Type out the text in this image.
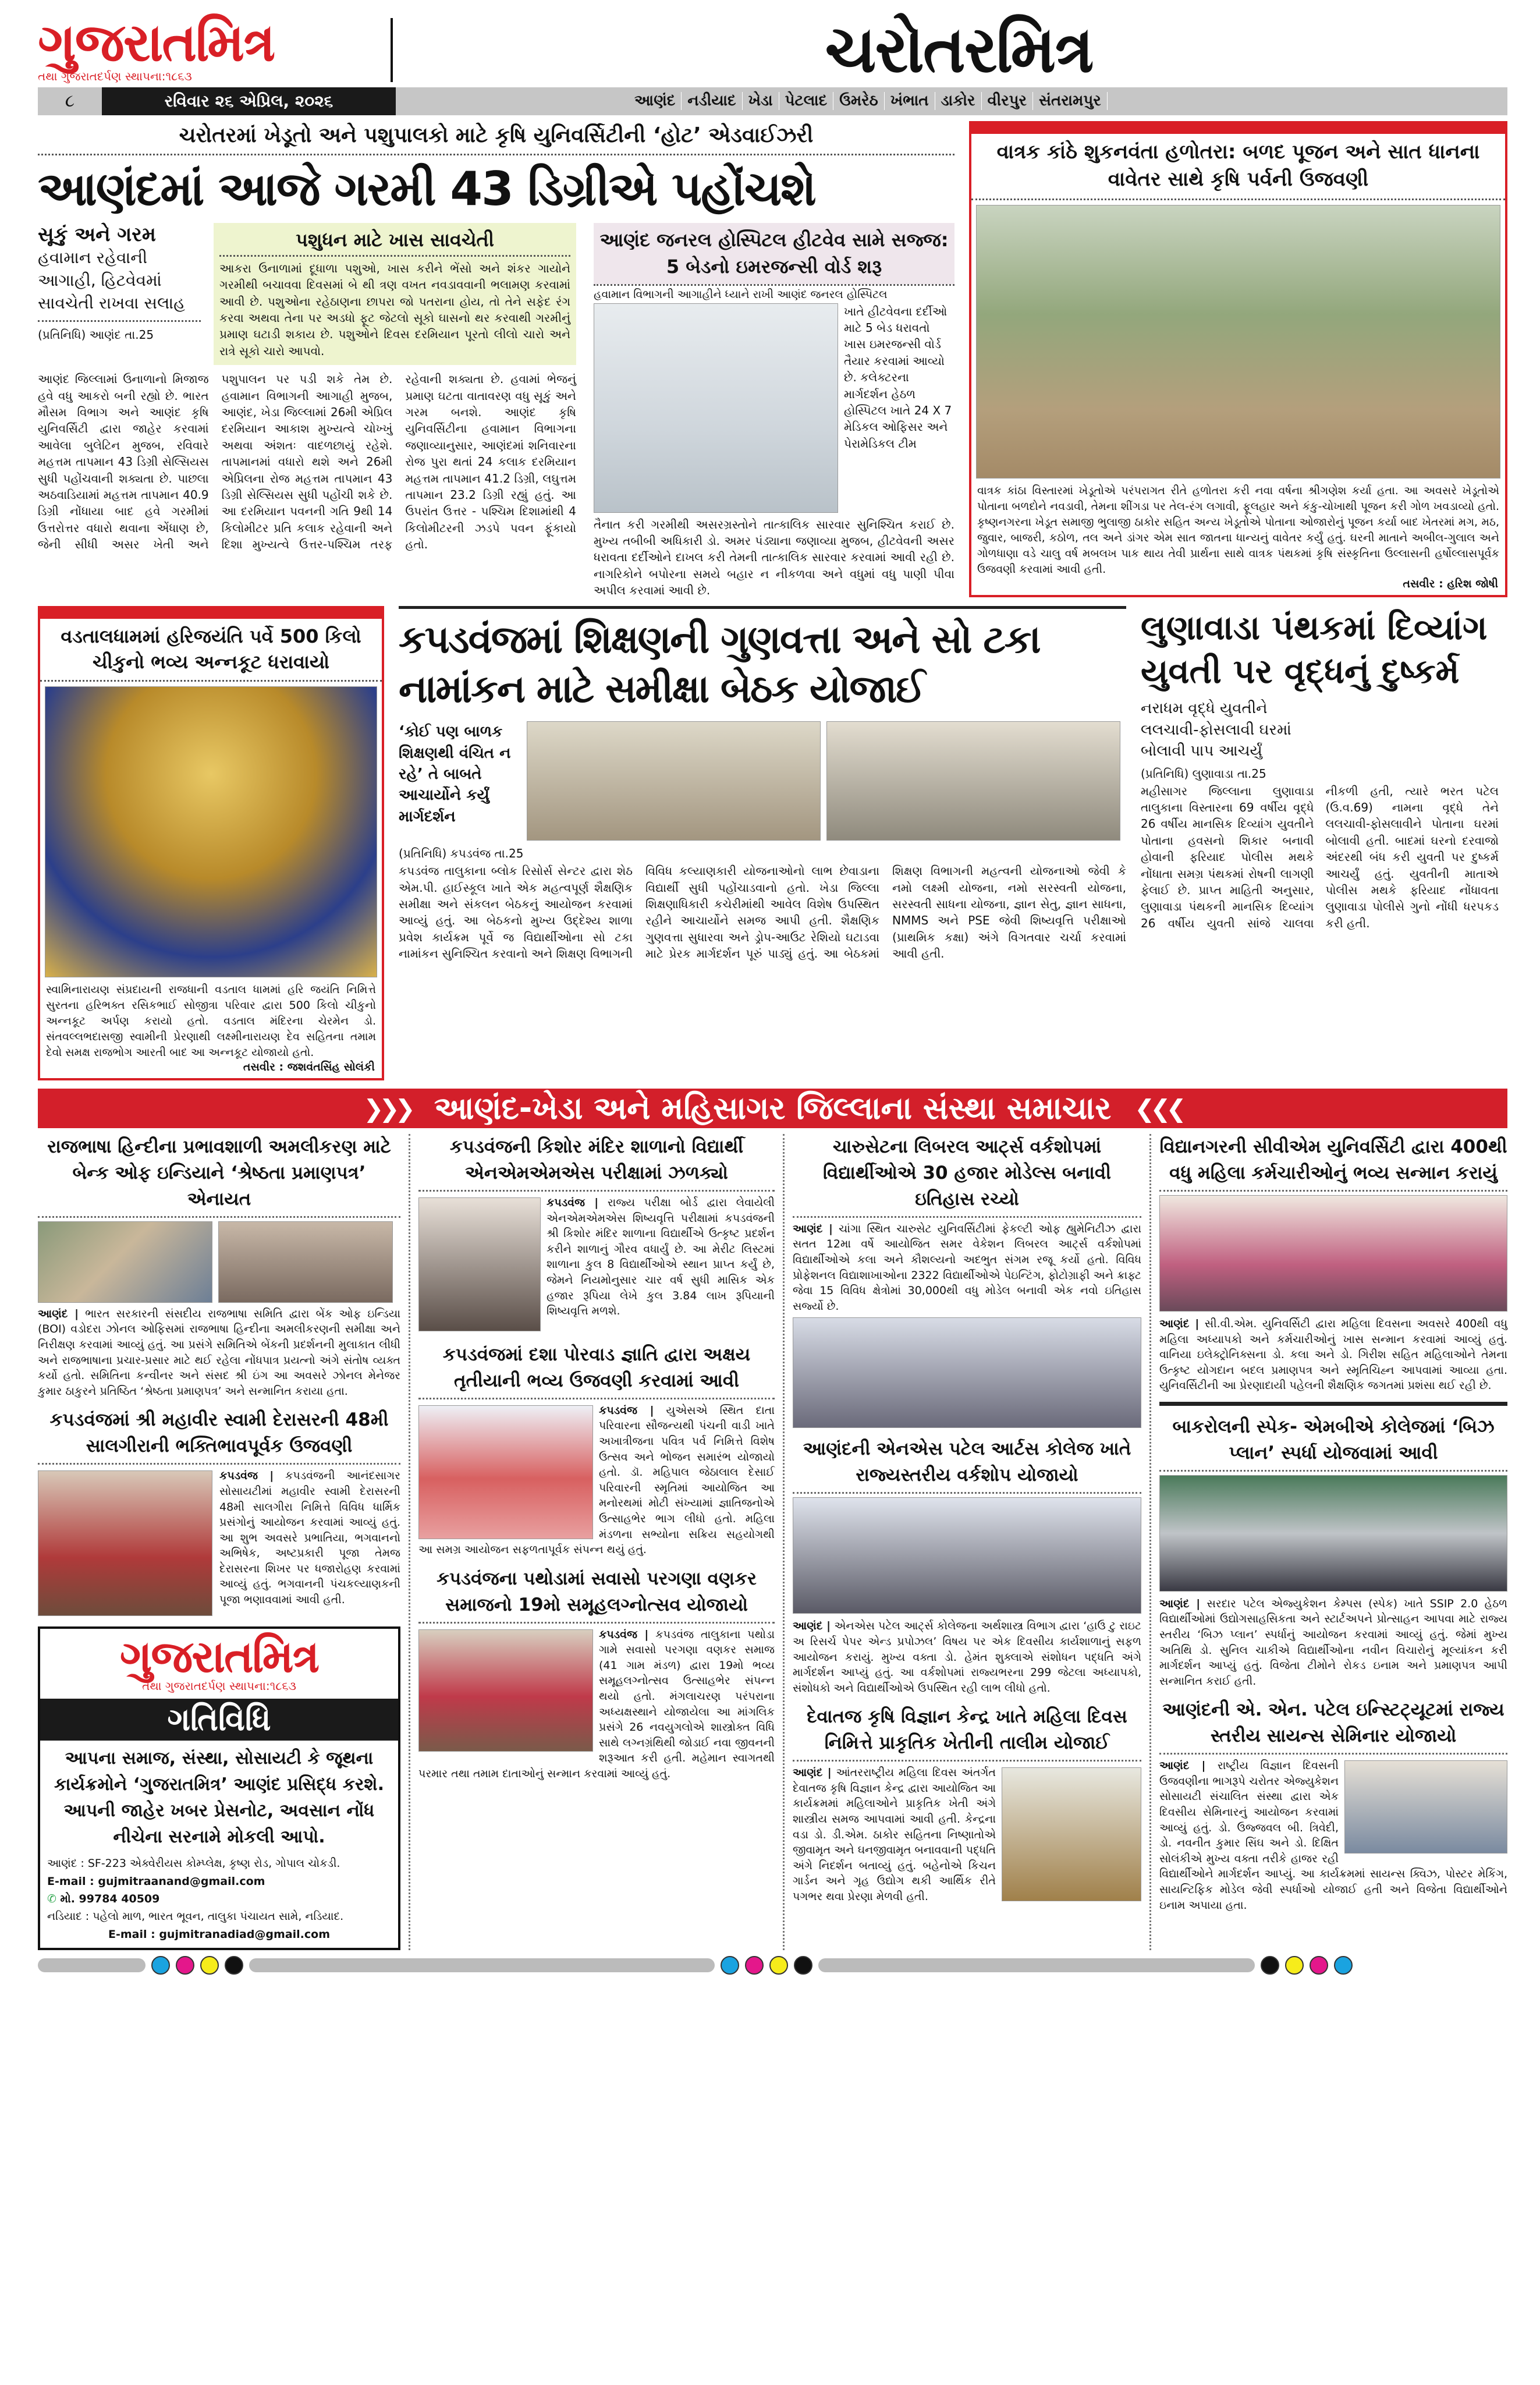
ગુજરાતમિત્ર
તથા ગુજરાતદર્પણ સ્થાપના:૧૮૬૩	ચરોતરમિત્ર
૮	રવિવાર ૨૬ એપ્રિલ, ૨૦૨૬	આણંદ નડીયાદ ખેડા પેટલાદ ઉમરેઠ ખંભાત ડાકોર વીરપુર સંતરામપુર
ચરોતરમાં ખેડૂતો અને પશુપાલકો માટે કૃષિ યુનિવર્સિટીની ‘હોટ’ એડવાઈઝરી
આણંદમાં આજે ગરમી 43 ડિગ્રીએ પહોંચશે
સૂકું અને ગરમ
હવામાન રહેવાની આગાહી, હિટવેવમાં સાવચેતી રાખવા સલાહ
(પ્રતિનિધિ) આણંદ તા.25
પશુધન માટે ખાસ સાવચેતી
આકરા ઉનાળામાં દૂધાળા પશુઓ, ખાસ કરીને ભેંસો અને શંકર ગાયોને ગરમીથી બચાવવા દિવસમાં બે થી ત્રણ વખત નવડાવવાની ભલામણ કરવામાં આવી છે. પશુઓના રહેઠાણના છાપરા જો પતરાના હોય, તો તેને સફેદ રંગ કરવા અથવા તેના પર અડધો ફૂટ જેટલો સૂકો ઘાસનો થર કરવાથી ગરમીનું પ્રમાણ ઘટાડી શકાય છે. પશુઓને દિવસ દરમિયાન પૂરતો લીલો ચારો અને રાત્રે સૂકો ચારો આપવો.
આણંદ જિલ્લામાં ઉનાળાનો મિજાજ હવે વધુ આકરો બની રહ્યો છે. ભારત મૌસમ વિભાગ અને આણંદ કૃષિ યુનિવર્સિટી દ્વારા જાહેર કરવામાં આવેલા બુલેટિન મુજબ, રવિવારે મહત્તમ તાપમાન 43 ડિગ્રી સેલ્સિયસ સુધી પહોંચવાની શક્યતા છે. પાછલા અઠવાડિયામાં મહત્તમ તાપમાન 40.9 ડિગ્રી નોંધાયા બાદ હવે ગરમીમાં ઉત્તરોત્તર વધારો થવાના એંધાણ છે, જેની સીધી અસર ખેતી અને પશુપાલન પર પડી શકે તેમ છે. હવામાન વિભાગની આગાહી મુજબ, આણંદ, ખેડા જિલ્લામાં 26મી એપ્રિલ દરમિયાન આકાશ મુખ્યત્વે ચોખ્ખું અથવા અંશતઃ વાદળછાયું રહેશે. તાપમાનમાં વધારો થશે અને 26મી એપ્રિલના રોજ મહત્તમ તાપમાન 43 ડિગ્રી સેલ્સિયસ સુધી પહોંચી શકે છે. આ દરમિયાન પવનની ગતિ 9થી 14 કિલોમીટર પ્રતિ કલાક રહેવાની અને દિશા મુખ્યત્વે ઉત્તર-પશ્ચિમ તરફ રહેવાની શક્યતા છે. હવામાં ભેજનું પ્રમાણ ઘટતા વાતાવરણ વધુ સૂકું અને ગરમ બનશે. આણંદ કૃષિ યુનિવર્સિટીના હવામાન વિભાગના જણાવ્યાનુસાર, આણંદમાં શનિવારના રોજ પુરા થતાં 24 કલાક દરમિયાન મહત્તમ તાપમાન 41.2 ડિગ્રી, લઘુત્તમ તાપમાન 23.2 ડિગ્રી રહ્યું હતું. આ ઉપરાંત ઉત્તર - પશ્ચિમ દિશામાંથી 4 કિલોમીટરની ઝડપે પવન ફૂંકાયો હતો.
આણંદ જનરલ હોસ્પિટલ હીટવેવ સામે સજ્જ: 5 બેડનો ઇમરજન્સી વોર્ડ શરૂ
હવામાન વિભાગની આગાહીને ધ્યાને રાખી આણંદ જનરલ હોસ્પિટલ
ખાતે હીટવેવના દર્દીઓ માટે 5 બેડ ધરાવતો ખાસ ઇમરજન્સી વોર્ડ તૈયાર કરવામાં આવ્યો છે. કલેક્ટરના માર્ગદર્શન હેઠળ હોસ્પિટલ ખાતે 24 X 7 મેડિકલ ઓફિસર અને પેરામેડિકલ ટીમ
તૈનાત કરી ગરમીથી અસરગ્રસ્તોને તાત્કાલિક સારવાર સુનિશ્ચિત કરાઈ છે. મુખ્ય તબીબી અધિકારી ડો. અમર પંડ્યાના જણાવ્યા મુજબ, હીટવેવની અસર ધરાવતા દર્દીઓને દાખલ કરી તેમની તાત્કાલિક સારવાર કરવામાં આવી રહી છે. નાગરિકોને બપોરના સમયે બહાર ન નીકળવા અને વધુમાં વધુ પાણી પીવા અપીલ કરવામાં આવી છે.
વાત્રક કાંઠે શુકનવંતા હળોતરા: બળદ પૂજન અને સાત ધાનના વાવેતર સાથે કૃષિ પર્વની ઉજવણી
વાત્રક કાંઠા વિસ્તારમાં ખેડૂતોએ પરંપરાગત રીતે હળોતરા કરી નવા વર્ષના શ્રીગણેશ કર્યા હતા. આ અવસરે ખેડૂતોએ પોતાના બળદોને નવડાવી, તેમના શીંગડા પર તેલ-રંગ લગાવી, ફૂલહાર અને કંકુ-ચોખાથી પૂજન કરી ગોળ ખવડાવ્યો હતો. કૃષ્ણનગરના ખેડૂત સમાજી ભુલાજી ઠાકોર સહિત અન્ય ખેડૂતોએ પોતાના ઓજારોનું પૂજન કર્યા બાદ ખેતરમાં મગ, મઠ, જુવાર, બાજરી, કઠોળ, તલ અને ડાંગર એમ સાત જાતના ધાન્યનું વાવેતર કર્યું હતું. ઘરની માતાને અબીલ-ગુલાલ અને ગોળધાણા વડે ચાલુ વર્ષ મબલખ પાક થાય તેવી પ્રાર્થના સાથે વાત્રક પંથકમાં કૃષિ સંસ્કૃતિના ઉલ્લાસની હર્ષોલ્લાસપૂર્વક ઉજવણી કરવામાં આવી હતી.
તસવીર : હરિશ જોષી
વડતાલધામમાં હરિજયંતિ પર્વે 500 કિલો ચીકુનો ભવ્ય અન્નકૂટ ધરાવાયો
સ્વામિનારાયણ સંપ્રદાયની રાજધાની વડતાલ ધામમાં હરિ જયંતિ નિમિત્તે સુરતના હરિભક્ત રસિકભાઈ સોજીત્રા પરિવાર દ્વારા 500 કિલો ચીકુનો અન્નકૂટ અર્પણ કરાયો હતો. વડતાલ મંદિરના ચેરમેન ડો. સંતવલ્લભદાસજી સ્વામીની પ્રેરણાથી લક્ષ્મીનારાયણ દેવ સહિતના તમામ દેવો સમક્ષ રાજભોગ આરતી બાદ આ અન્નકૂટ યોજાયો હતો.
તસવીર : જશવંતસિંહ સોલંકી
કપડવંજમાં શિક્ષણની ગુણવત્તા અને સો ટકા નામાંકન માટે સમીક્ષા બેઠક યોજાઈ
‘કોઈ પણ બાળક શિક્ષણથી વંચિત ન રહે’ તે બાબતે આચાર્યોને કર્યું માર્ગદર્શન
(પ્રતિનિધિ) કપડવંજ તા.25
કપડવંજ તાલુકાના બ્લોક રિસોર્સ સેન્ટર દ્વારા શેઠ એમ.પી. હાઈસ્કૂલ ખાતે એક મહત્વપૂર્ણ શૈક્ષણિક સમીક્ષા અને સંકલન બેઠકનું આયોજન કરવામાં આવ્યું હતું. આ બેઠકનો મુખ્ય ઉદ્દેશ્ય શાળા પ્રવેશ કાર્યક્રમ પૂર્વે જ વિદ્યાર્થીઓના સો ટકા નામાંકન સુનિશ્ચિત કરવાનો અને શિક્ષણ વિભાગની વિવિધ કલ્યાણકારી યોજનાઓનો લાભ છેવાડાના વિદ્યાર્થી સુધી પહોંચાડવાનો હતો. ખેડા જિલ્લા શિક્ષણાધિકારી કચેરીમાંથી આવેલ વિશેષ ઉપસ્થિત રહીને આચાર્યોને સમજ આપી હતી. શૈક્ષણિક ગુણવત્તા સુધારવા અને ડ્રોપ-આઉટ રેશિયો ઘટાડવા માટે પ્રેરક માર્ગદર્શન પૂરું પાડ્યું હતું. આ બેઠકમાં શિક્ષણ વિભાગની મહત્વની યોજનાઓ જેવી કે નમો લક્ષ્મી યોજના, નમો સરસ્વતી યોજના, સરસ્વતી સાધના યોજના, જ્ઞાન સેતુ, જ્ઞાન સાધના, NMMS અને PSE જેવી શિષ્યવૃત્તિ પરીક્ષાઓ (પ્રાથમિક કક્ષા) અંગે વિગતવાર ચર્ચા કરવામાં આવી હતી.
લુણાવાડા પંથકમાં દિવ્યાંગ યુવતી પર વૃદ્ધનું દુષ્કર્મ
નરાધમ વૃદ્ધે યુવતીને લલચાવી-ફોસલાવી ઘરમાં બોલાવી પાપ આચર્યું
(પ્રતિનિધિ) લુણાવાડા તા.25
મહીસાગર જિલ્લાના લુણાવાડા તાલુકાના વિસ્તારના 69 વર્ષીય વૃદ્ધે 26 વર્ષીય માનસિક દિવ્યાંગ યુવતીને પોતાના હવસનો શિકાર બનાવી હોવાની ફરિયાદ પોલીસ મથકે નોંધાતા સમગ્ર પંથકમાં રોષની લાગણી ફેલાઈ છે. પ્રાપ્ત માહિતી અનુસાર, લુણાવાડા પંથકની માનસિક દિવ્યાંગ 26 વર્ષીય યુવતી સાંજે ચાલવા નીકળી હતી, ત્યારે ભરત પટેલ (ઉ.વ.69) નામના વૃદ્ધે તેને લલચાવી-ફોસલાવીને પોતાના ઘરમાં બોલાવી હતી. બાદમાં ઘરનો દરવાજો અંદરથી બંધ કરી યુવતી પર દુષ્કર્મ આચર્યું હતું. યુવતીની માતાએ પોલીસ મથકે ફરિયાદ નોંધાવતા લુણાવાડા પોલીસે ગુનો નોંધી ધરપકડ કરી હતી.
❯❯❯ આણંદ-ખેડા અને મહિસાગર જિલ્લાના સંસ્થા સમાચાર ❮❮❮
રાજભાષા હિન્દીના પ્રભાવશાળી અમલીકરણ માટે બેન્ક ઓફ ઇન્ડિયાને ‘શ્રેષ્ઠતા પ્રમાણપત્ર’ એનાયત
આણંદ | ભારત સરકારની સંસદીય રાજભાષા સમિતિ દ્વારા બેંક ઓફ ઇન્ડિયા (BOI) વડોદરા ઝોનલ ઓફિસમાં રાજભાષા હિન્દીના અમલીકરણની સમીક્ષા અને નિરીક્ષણ કરવામાં આવ્યું હતું. આ પ્રસંગે સમિતિએ બેંકની પ્રદર્શનની મુલાકાત લીધી અને રાજભાષાના પ્રચાર-પ્રસાર માટે થઈ રહેલા નોંધપાત્ર પ્રયત્નો અંગે સંતોષ વ્યક્ત કર્યો હતો. સમિતિના કન્વીનર અને સંસદ શ્રી ઇંગ આ અવસરે ઝોનલ મેનેજર કુમાર ઠાકુરને પ્રતિષ્ઠિત ‘શ્રેષ્ઠતા પ્રમાણપત્ર’ અને સન્માનિત કરાયા હતા.
કપડવંજમાં શ્રી મહાવીર સ્વામી દેરાસરની 48મી સાલગીરાની ભક્તિભાવપૂર્વક ઉજવણી
કપડવંજ | કપડવંજની આનંદસાગર સોસાયટીમાં મહાવીર સ્વામી દેરાસરની 48મી સાલગીરા નિમિત્તે વિવિધ ધાર્મિક પ્રસંગોનું આયોજન કરવામાં આવ્યું હતું. આ શુભ અવસરે પ્રભાતિયા, ભગવાનનો અભિષેક, અષ્ટપ્રકારી પૂજા તેમજ દેરાસરના શિખર પર ધજારોહણ કરવામાં આવ્યું હતું. ભગવાનની પંચકલ્યાણકની પૂજા ભણાવવામાં આવી હતી.
ગુજરાતમિત્ર
તથા ગુજરાતદર્પણ સ્થાપના:૧૮૬૩
ગતિવિધિ
આપના સમાજ, સંસ્થા, સોસાયટી કે જૂથના કાર્યક્રમોને ‘ગુજરાતમિત્ર’ આણંદ પ્રસિદ્ધ કરશે. આપની જાહેર ખબર પ્રેસનોટ, અવસાન નોંધ નીચેના સરનામે મોકલી આપો.
આણંદ : SF-223 એક્વેરીયસ કોમ્પ્લેક્ષ, કૃષ્ણ રોડ, ગોપાલ ચોકડી.
E-mail : gujmitraanand@gmail.com
✆ મો. 99784 40509
નડિયાદ : પહેલો માળ, ભારત ભૂવન, તાલુકા પંચાયત સામે, નડિયાદ.
E-mail : gujmitranadiad@gmail.com
કપડવંજની કિશોર મંદિર શાળાનો વિદ્યાર્થી એનએમએમએસ પરીક્ષામાં ઝળક્યો
કપડવંજ | રાજ્ય પરીક્ષા બોર્ડ દ્વારા લેવાયેલી એનએમએમએસ શિષ્યવૃત્તિ પરીક્ષામાં કપડવંજની શ્રી કિશોર મંદિર શાળાના વિદ્યાર્થીએ ઉત્કૃષ્ટ પ્રદર્શન કરીને શાળાનું ગૌરવ વધાર્યું છે. આ મેરીટ લિસ્ટમાં શાળાના કુલ 8 વિદ્યાર્થીઓએ સ્થાન પ્રાપ્ત કર્યું છે, જેમને નિયમોનુસાર ચાર વર્ષ સુધી માસિક એક હજાર રૂપિયા લેખે કુલ 3.84 લાખ રૂપિયાની શિષ્યવૃત્તિ મળશે.
કપડવંજમાં દશા પોરવાડ જ્ઞાતિ દ્વારા અક્ષય તૃતીયાની ભવ્ય ઉજવણી કરવામાં આવી
કપડવંજ | યુએસએ સ્થિત દાતા પરિવારના સૌજન્યથી પંચની વાડી ખાતે અખાત્રીજના પવિત્ર પર્વ નિમિત્તે વિશેષ ઉત્સવ અને ભોજન સમારંભ યોજાયો હતો. ડૉ. મહિપાલ જેઠાલાલ દેસાઈ પરિવારની સ્મૃતિમાં આયોજિત આ મનોરથમાં મોટી સંખ્યામાં જ્ઞાતિજનોએ ઉત્સાહભેર ભાગ લીધો હતો. મહિલા મંડળના સભ્યોના સક્રિય સહયોગથી આ સમગ્ર આયોજન સફળતાપૂર્વક સંપન્ન થયું હતું.
કપડવંજના પથોડામાં સવાસો પરગણા વણકર સમાજનો 19મો સમૂહલગ્નોત્સવ યોજાયો
કપડવંજ | કપડવંજ તાલુકાના પથોડા ગામે સવાસો પરગણા વણકર સમાજ (41 ગામ મંડળ) દ્વારા 19મો ભવ્ય સમૂહલગ્નોત્સવ ઉત્સાહભેર સંપન્ન થયો હતો. મંગલાચરણ પરંપરાના અધ્યક્ષસ્થાને યોજાયેલા આ માંગલિક પ્રસંગે 26 નવયુગલોએ શાસ્ત્રોક્ત વિધિ સાથે લગ્નગ્રંથિથી જોડાઈ નવા જીવનની શરૂઆત કરી હતી. મહેમાન સ્વાગતથી પરમાર તથા તમામ દાતાઓનું સન્માન કરવામાં આવ્યું હતું.
ચારુસેટના લિબરલ આર્ટ્સ વર્કશોપમાં વિદ્યાર્થીઓએ 30 હજાર મોડેલ્સ બનાવી ઇતિહાસ રચ્યો
આણંદ | ચાંગા સ્થિત ચારુસેટ યુનિવર્સિટીમાં ફેકલ્ટી ઓફ હ્યુમેનિટીઝ દ્વારા સતત 12મા વર્ષે આયોજિત સમર વેકેશન લિબરલ આર્ટ્સ વર્કશોપમાં વિદ્યાર્થીઓએ કલા અને કૌશલ્યનો અદભુત સંગમ રજૂ કર્યો હતો. વિવિધ પ્રોફેશનલ વિદ્યાશાખાઓના 2322 વિદ્યાર્થીઓએ પેઇન્ટિંગ, ફોટોગ્રાફી અને ક્રાફ્ટ જેવા 15 વિવિધ ક્ષેત્રોમાં 30,000થી વધુ મોડેલ બનાવી એક નવો ઇતિહાસ સર્જ્યો છે.
આણંદની એનએસ પટેલ આર્ટસ કોલેજ ખાતે રાજ્યસ્તરીય વર્કશોપ યોજાયો
આણંદ | એનએસ પટેલ આર્ટ્સ કોલેજના અર્થશાસ્ત્ર વિભાગ દ્વારા ‘હાઉ ટુ રાઇટ અ રિસર્ચ પેપર એન્ડ પ્રપોઝલ’ વિષય પર એક દિવસીય કાર્યશાળાનું સફળ આયોજન કરાયું. મુખ્ય વક્તા ડો. હેમંત શુક્લાએ સંશોધન પદ્ધતિ અંગે માર્ગદર્શન આપ્યું હતું. આ વર્કશોપમાં રાજ્યભરના 299 જેટલા અધ્યાપકો, સંશોધકો અને વિદ્યાર્થીઓએ ઉપસ્થિત રહી લાભ લીધો હતો.
દેવાતજ કૃષિ વિજ્ઞાન કેન્દ્ર ખાતે મહિલા દિવસ નિમિત્તે પ્રાકૃતિક ખેતીની તાલીમ યોજાઈ
આણંદ | આંતરરાષ્ટ્રીય મહિલા દિવસ અંતર્ગત દેવાતજ કૃષિ વિજ્ઞાન કેન્દ્ર દ્વારા આયોજિત આ કાર્યક્રમમાં મહિલાઓને પ્રાકૃતિક ખેતી અંગે શાસ્ત્રીય સમજ આપવામાં આવી હતી. કેન્દ્રના વડા ડો. ડી.એમ. ઠાકોર સહિતના નિષ્ણાતોએ જીવામૃત અને ઘનજીવામૃત બનાવવાની પદ્ધતિ અંગે નિદર્શન બતાવ્યું હતું. બહેનોએ કિચન ગાર્ડન અને ગૃહ ઉદ્યોગ થકી આર્થિક રીતે પગભર થવા પ્રેરણા મેળવી હતી.
વિદ્યાનગરની સીવીએમ યુનિવર્સિટી દ્વારા 400થી વધુ મહિલા કર્મચારીઓનું ભવ્ય સન્માન કરાયું
આણંદ | સી.વી.એમ. યુનિવર્સિટી દ્વારા મહિલા દિવસના અવસરે 400થી વધુ મહિલા અધ્યાપકો અને કર્મચારીઓનું ખાસ સન્માન કરવામાં આવ્યું હતું. વાનિયા ઇલેક્ટ્રોનિક્સના ડો. કલા અને ડો. ગિરીશ સહિત મહિલાઓને તેમના ઉત્કૃષ્ટ યોગદાન બદલ પ્રમાણપત્ર અને સ્મૃતિચિહ્ન આપવામાં આવ્યા હતા. યુનિવર્સિટીની આ પ્રેરણાદાયી પહેલની શૈક્ષણિક જગતમાં પ્રશંસા થઈ રહી છે.
બાકરોલની સ્પેક- એમબીએ કોલેજમાં ‘બિઝ પ્લાન’ સ્પર્ધા યોજવામાં આવી
આણંદ | સરદાર પટેલ એજ્યુકેશન કેમ્પસ (સ્પેક) ખાતે SSIP 2.0 હેઠળ વિદ્યાર્થીઓમાં ઉદ્યોગસાહસિકતા અને સ્ટાર્ટઅપને પ્રોત્સાહન આપવા માટે રાજ્ય સ્તરીય ‘બિઝ પ્લાન’ સ્પર્ધાનું આયોજન કરવામાં આવ્યું હતું. જેમાં મુખ્ય અતિથિ ડો. સુનિલ ચાકીએ વિદ્યાર્થીઓના નવીન વિચારોનું મૂલ્યાંકન કરી માર્ગદર્શન આપ્યું હતું. વિજેતા ટીમોને રોકડ ઇનામ અને પ્રમાણપત્ર આપી સન્માનિત કરાઈ હતી.
આણંદની એ. એન. પટેલ ઇન્સ્ટિટ્યૂટમાં રાજ્ય સ્તરીય સાયન્સ સેમિનાર યોજાયો
આણંદ | રાષ્ટ્રીય વિજ્ઞાન દિવસની ઉજવણીના ભાગરૂપે ચરોતર એજ્યુકેશન સોસાયટી સંચાલિત સંસ્થા દ્વારા એક દિવસીય સેમિનારનું આયોજન કરવામાં આવ્યું હતું. ડો. ઉજ્જવલ બી. ત્રિવેદી, ડો. નવનીત કુમાર સિંઘ અને ડો. દિક્ષિત સોલંકીએ મુખ્ય વક્તા તરીકે હાજર રહી વિદ્યાર્થીઓને માર્ગદર્શન આપ્યું. આ કાર્યક્રમમાં સાયન્સ ક્વિઝ, પોસ્ટર મેકિંગ, સાયન્ટિફિક મોડેલ જેવી સ્પર્ધાઓ યોજાઈ હતી અને વિજેતા વિદ્યાર્થીઓને ઇનામ અપાયા હતા.
